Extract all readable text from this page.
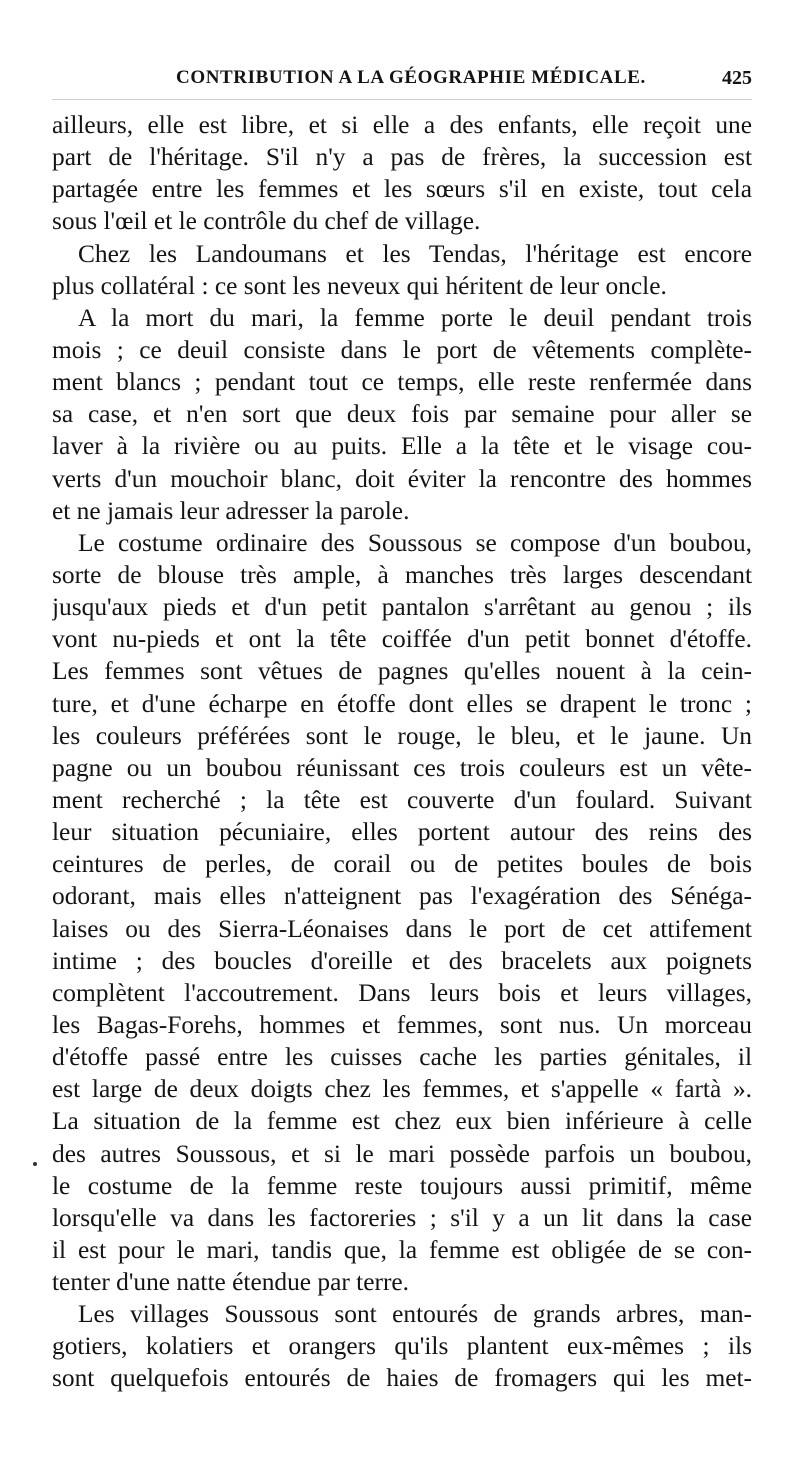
CONTRIBUTION A LA GÉOGRAPHIE MÉDICALE.	425
ailleurs, elle est libre, et si elle a des enfants, elle reçoit une
part de l'héritage. S'il n'y a pas de frères, la succession est
partagée entre les femmes et les sœurs s'il en existe, tout cela
sous l'œil et le contrôle du chef de village.
Chez les Landoumans et les Tendas, l'héritage est encore
plus collatéral : ce sont les neveux qui héritent de leur oncle.
A la mort du mari, la femme porte le deuil pendant trois
mois ; ce deuil consiste dans le port de vêtements complète-
ment blancs ; pendant tout ce temps, elle reste renfermée dans
sa case, et n'en sort que deux fois par semaine pour aller se
laver à la rivière ou au puits. Elle a la tête et le visage cou-
verts d'un mouchoir blanc, doit éviter la rencontre des hommes
et ne jamais leur adresser la parole.
Le costume ordinaire des Soussous se compose d'un boubou,
sorte de blouse très ample, à manches très larges descendant
jusqu'aux pieds et d'un petit pantalon s'arrêtant au genou ; ils
vont nu-pieds et ont la tête coiffée d'un petit bonnet d'étoffe.
Les femmes sont vêtues de pagnes qu'elles nouent à la cein-
ture, et d'une écharpe en étoffe dont elles se drapent le tronc ;
les couleurs préférées sont le rouge, le bleu, et le jaune. Un
pagne ou un boubou réunissant ces trois couleurs est un vête-
ment recherché ; la tête est couverte d'un foulard. Suivant
leur situation pécuniaire, elles portent autour des reins des
ceintures de perles, de corail ou de petites boules de bois
odorant, mais elles n'atteignent pas l'exagération des Sénéga-
laises ou des Sierra-Léonaises dans le port de cet attifement
intime ; des boucles d'oreille et des bracelets aux poignets
complètent l'accoutrement. Dans leurs bois et leurs villages,
les Bagas-Forehs, hommes et femmes, sont nus. Un morceau
d'étoffe passé entre les cuisses cache les parties génitales, il
est large de deux doigts chez les femmes, et s'appelle « fartà ».
La situation de la femme est chez eux bien inférieure à celle
des autres Soussous, et si le mari possède parfois un boubou,
le costume de la femme reste toujours aussi primitif, même
lorsqu'elle va dans les factoreries ; s'il y a un lit dans la case
il est pour le mari, tandis que, la femme est obligée de se con-
tenter d'une natte étendue par terre.
Les villages Soussous sont entourés de grands arbres, man-
gotiers, kolatiers et orangers qu'ils plantent eux-mêmes ; ils
sont quelquefois entourés de haies de fromagers qui les met-
